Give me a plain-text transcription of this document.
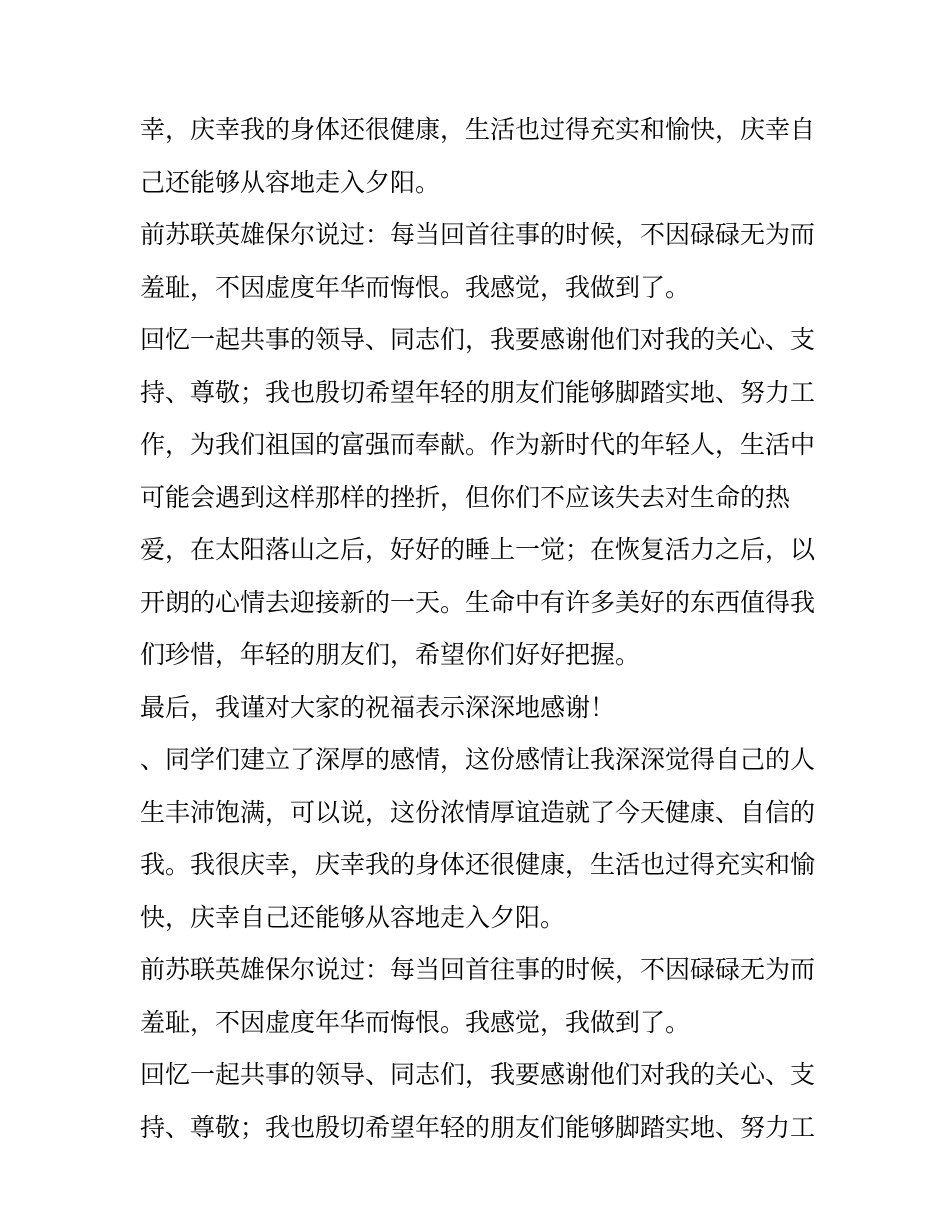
幸，庆幸我的身体还很健康，生活也过得充实和愉快，庆幸自
己还能够从容地走入夕阳。
前苏联英雄保尔说过：每当回首往事的时候，不因碌碌无为而
羞耻，不因虚度年华而悔恨。我感觉，我做到了。
回忆一起共事的领导、同志们，我要感谢他们对我的关心、支
持、尊敬；我也殷切希望年轻的朋友们能够脚踏实地、努力工
作，为我们祖国的富强而奉献。作为新时代的年轻人，生活中
可能会遇到这样那样的挫折，但你们不应该失去对生命的热
爱，在太阳落山之后，好好的睡上一觉；在恢复活力之后，以
开朗的心情去迎接新的一天。生命中有许多美好的东西值得我
们珍惜，年轻的朋友们，希望你们好好把握。
最后，我谨对大家的祝福表示深深地感谢！
、同学们建立了深厚的感情，这份感情让我深深觉得自己的人
生丰沛饱满，可以说，这份浓情厚谊造就了今天健康、自信的
我。我很庆幸，庆幸我的身体还很健康，生活也过得充实和愉
快，庆幸自己还能够从容地走入夕阳。
前苏联英雄保尔说过：每当回首往事的时候，不因碌碌无为而
羞耻，不因虚度年华而悔恨。我感觉，我做到了。
回忆一起共事的领导、同志们，我要感谢他们对我的关心、支
持、尊敬；我也殷切希望年轻的朋友们能够脚踏实地、努力工
